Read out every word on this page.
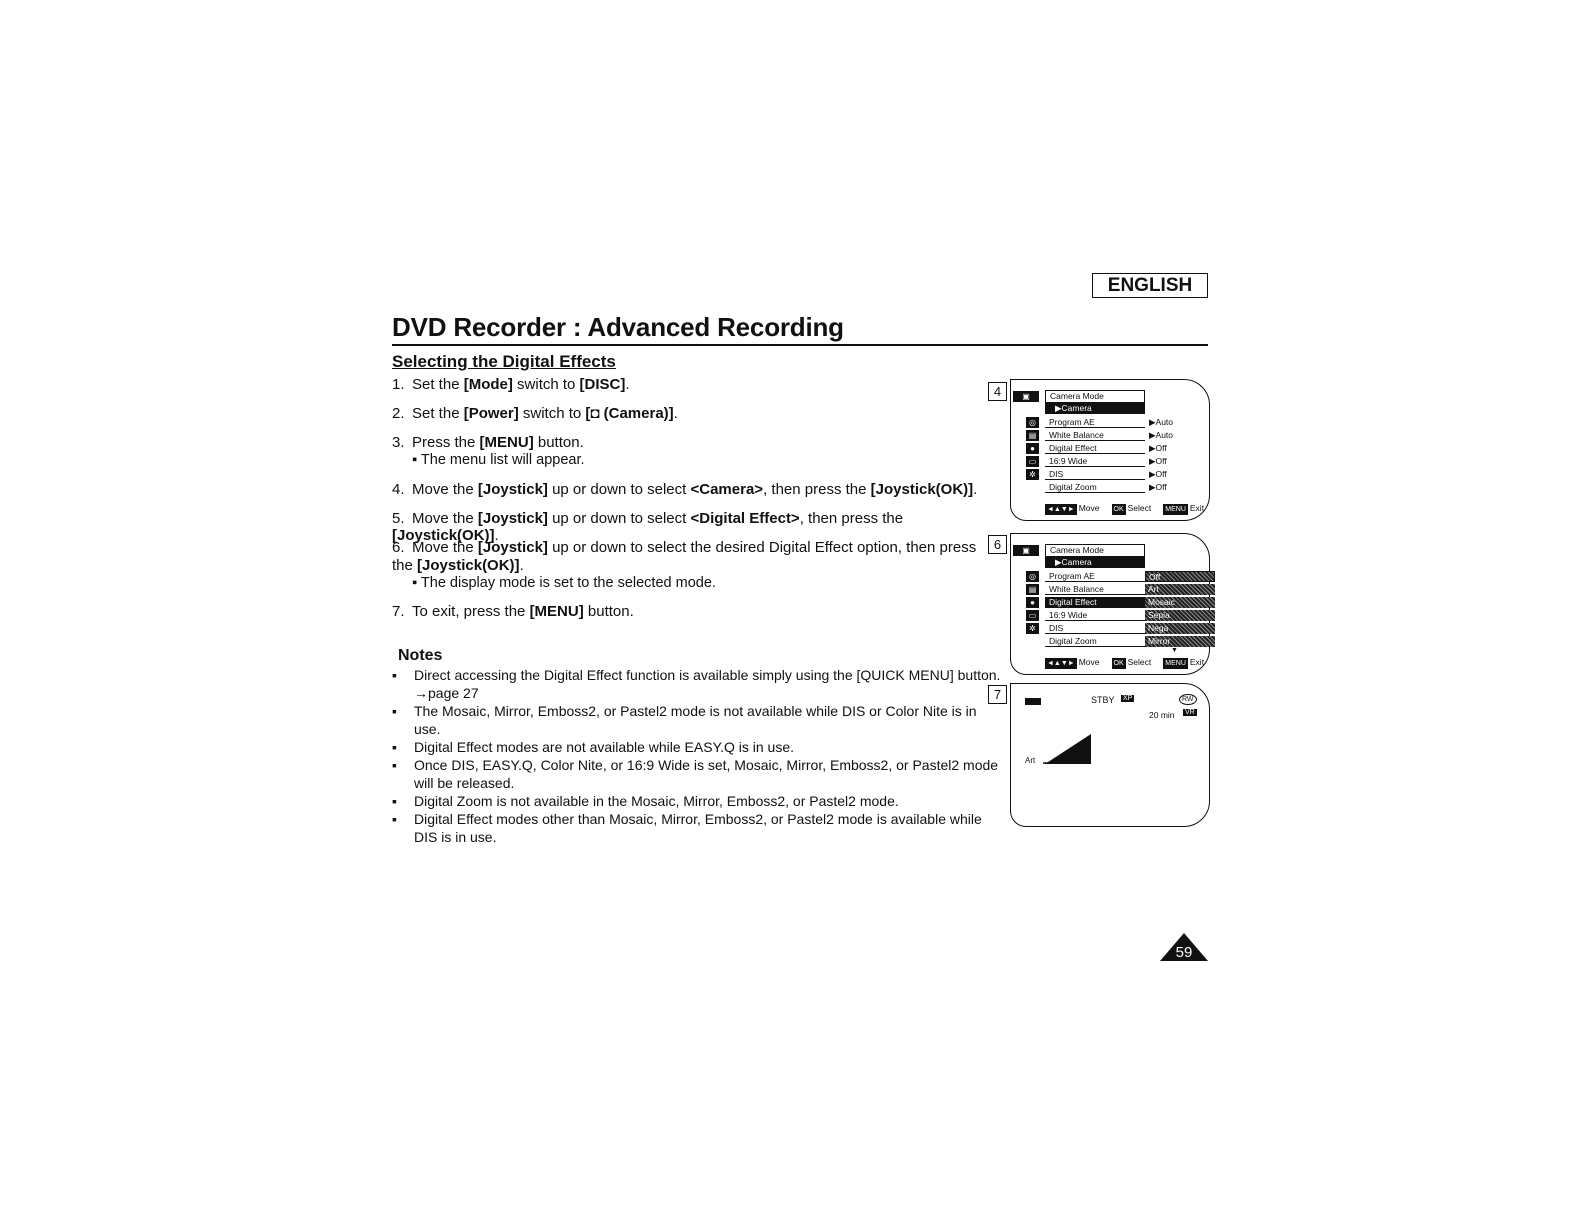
ENGLISH
DVD Recorder : Advanced Recording
Selecting the Digital Effects
1. Set the [Mode] switch to [DISC].
2. Set the [Power] switch to [◘ (Camera)].
3. Press the [MENU] button.
▪ The menu list will appear.
4. Move the [Joystick] up or down to select <Camera>, then press the [Joystick(OK)].
5. Move the [Joystick] up or down to select <Digital Effect>, then press the [Joystick(OK)].
6. Move the [Joystick] up or down to select the desired Digital Effect option, then press the [Joystick(OK)].
▪ The display mode is set to the selected mode.
7. To exit, press the [MENU] button.
Notes
▪	Direct accessing the Digital Effect function is available simply using the [QUICK MENU] button. →page 27
▪	The Mosaic, Mirror, Emboss2, or Pastel2 mode is not available while DIS or Color Nite is in use.
▪	Digital Effect modes are not available while EASY.Q is in use.
▪	Once DIS, EASY.Q, Color Nite, or 16:9 Wide is set, Mosaic, Mirror, Emboss2, or Pastel2 mode will be released.
▪	Digital Zoom is not available in the Mosaic, Mirror, Emboss2, or Pastel2 mode.
▪	Digital Effect modes other than Mosaic, Mirror, Emboss2, or Pastel2 mode is available while DIS is in use.
4	▣	Camera Mode
▶Camera
◎	Program AE	▶Auto
▤	White Balance	▶Auto
●	Digital Effect	▶Off
▭	16:9 Wide	▶Off
✲	DIS	▶Off
Digital Zoom	▶Off
◄▲▼► Move OK Select MENU Exit
6	▣	Camera Mode
▶Camera
◎	Program AE	Off
▤	White Balance	Art
●	Digital Effect	Mosaic
▭	16:9 Wide	Sepia
✲	DIS	Nega
Digital Zoom	Mirror
▼
◄▲▼► Move OK Select MENU Exit
7	STBY XP	RW
20 min VR
Art
59
